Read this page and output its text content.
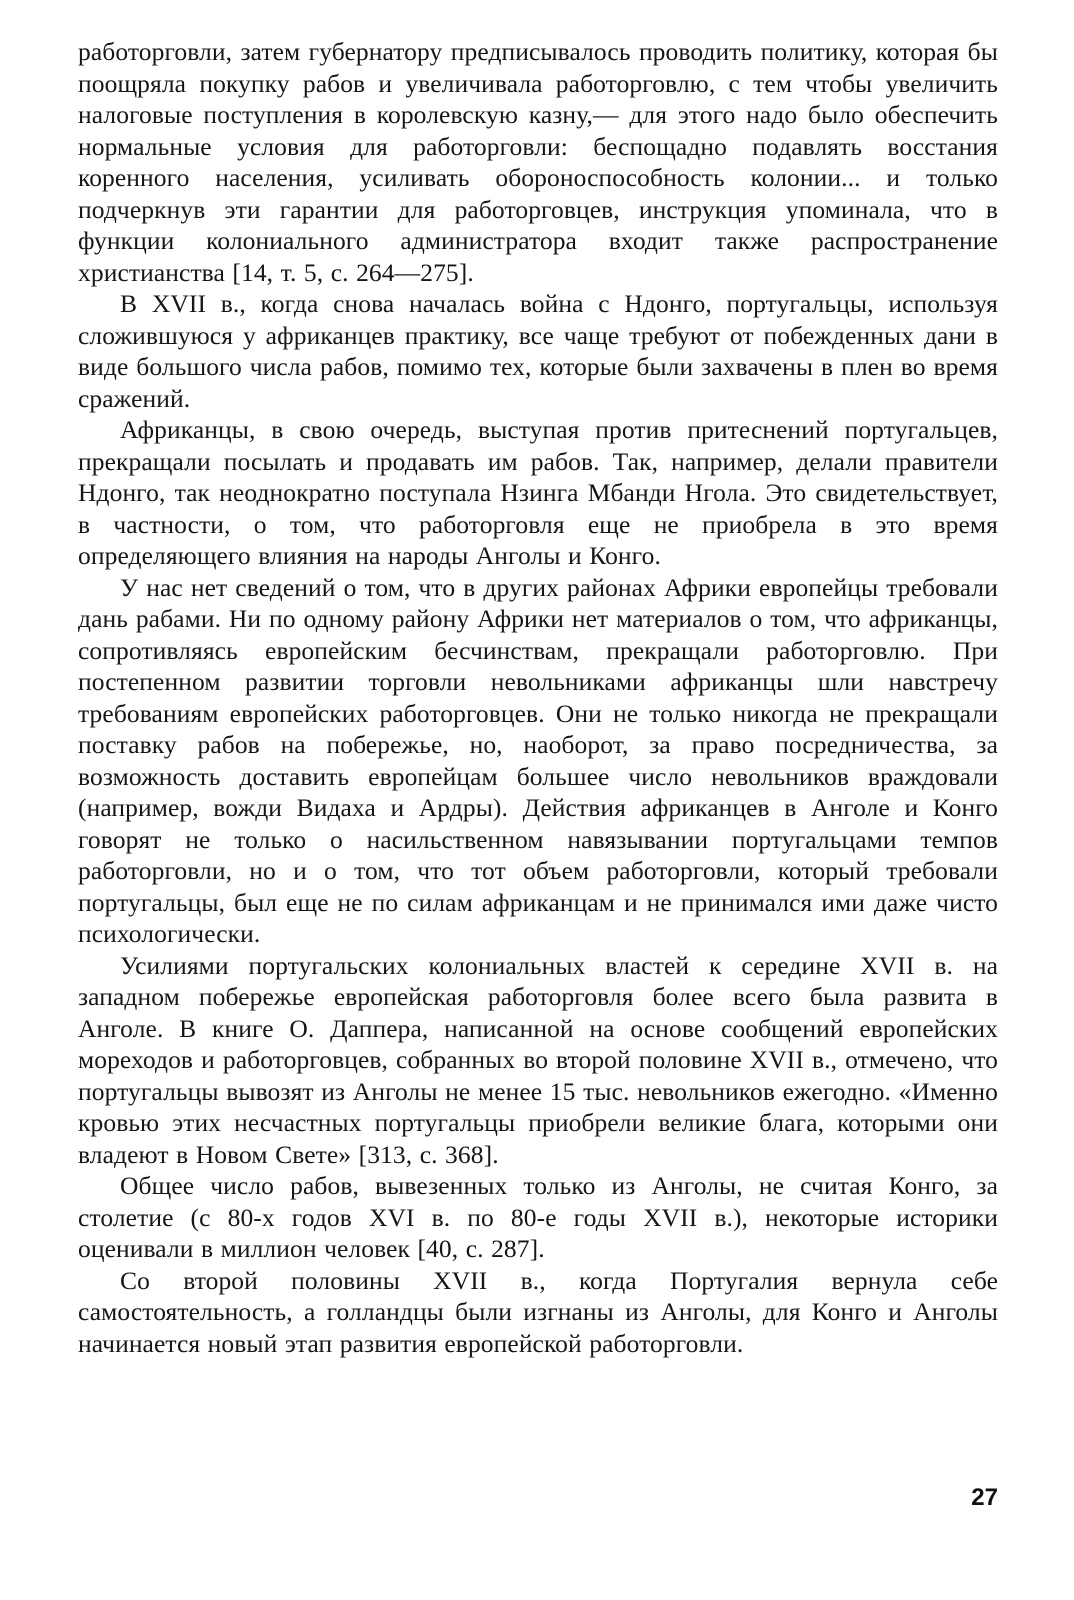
работорговли, затем губернатору предписывалось проводить политику, которая бы поощряла покупку рабов и увеличивала работорговлю, с тем чтобы увеличить налоговые поступления в королевскую казну,— для этого надо было обеспечить нормальные условия для работорговли: беспощадно подавлять восстания коренного населения, усиливать обороноспособность колонии... и только подчеркнув эти гарантии для работорговцев, инструкция упоминала, что в функции колониального администратора входит также распространение христианства [14, т. 5, с. 264—275].

В XVII в., когда снова началась война с Ндонго, португальцы, используя сложившуюся у африканцев практику, все чаще требуют от побежденных дани в виде большого числа рабов, помимо тех, которые были захвачены в плен во время сражений.

Африканцы, в свою очередь, выступая против притеснений португальцев, прекращали посылать и продавать им рабов. Так, например, делали правители Ндонго, так неоднократно поступала Нзинга Мбанди Нгола. Это свидетельствует, в частности, о том, что работорговля еще не приобрела в это время определяющего влияния на народы Анголы и Конго.

У нас нет сведений о том, что в других районах Африки европейцы требовали дань рабами. Ни по одному району Африки нет материалов о том, что африканцы, сопротивляясь европейским бесчинствам, прекращали работорговлю. При постепенном развитии торговли невольниками африканцы шли навстречу требованиям европейских работорговцев. Они не только никогда не прекращали поставку рабов на побережье, но, наоборот, за право посредничества, за возможность доставить европейцам большее число невольников враждовали (например, вожди Видаха и Ардры). Действия африканцев в Анголе и Конго говорят не только о насильственном навязывании португальцами темпов работорговли, но и о том, что тот объем работорговли, который требовали португальцы, был еще не по силам африканцам и не принимался ими даже чисто психологически.

Усилиями португальских колониальных властей к середине XVII в. на западном побережье европейская работорговля более всего была развита в Анголе. В книге О. Даппера, написанной на основе сообщений европейских мореходов и работорговцев, собранных во второй половине XVII в., отмечено, что португальцы вывозят из Анголы не менее 15 тыс. невольников ежегодно. «Именно кровью этих несчастных португальцы приобрели великие блага, которыми они владеют в Новом Свете» [313, с. 368].

Общее число рабов, вывезенных только из Анголы, не считая Конго, за столетие (с 80-х годов XVI в. по 80-е годы XVII в.), некоторые историки оценивали в миллион человек [40, с. 287].

Со второй половины XVII в., когда Португалия вернула себе самостоятельность, а голландцы были изгнаны из Анголы, для Конго и Анголы начинается новый этап развития европейской работорговли.

27
